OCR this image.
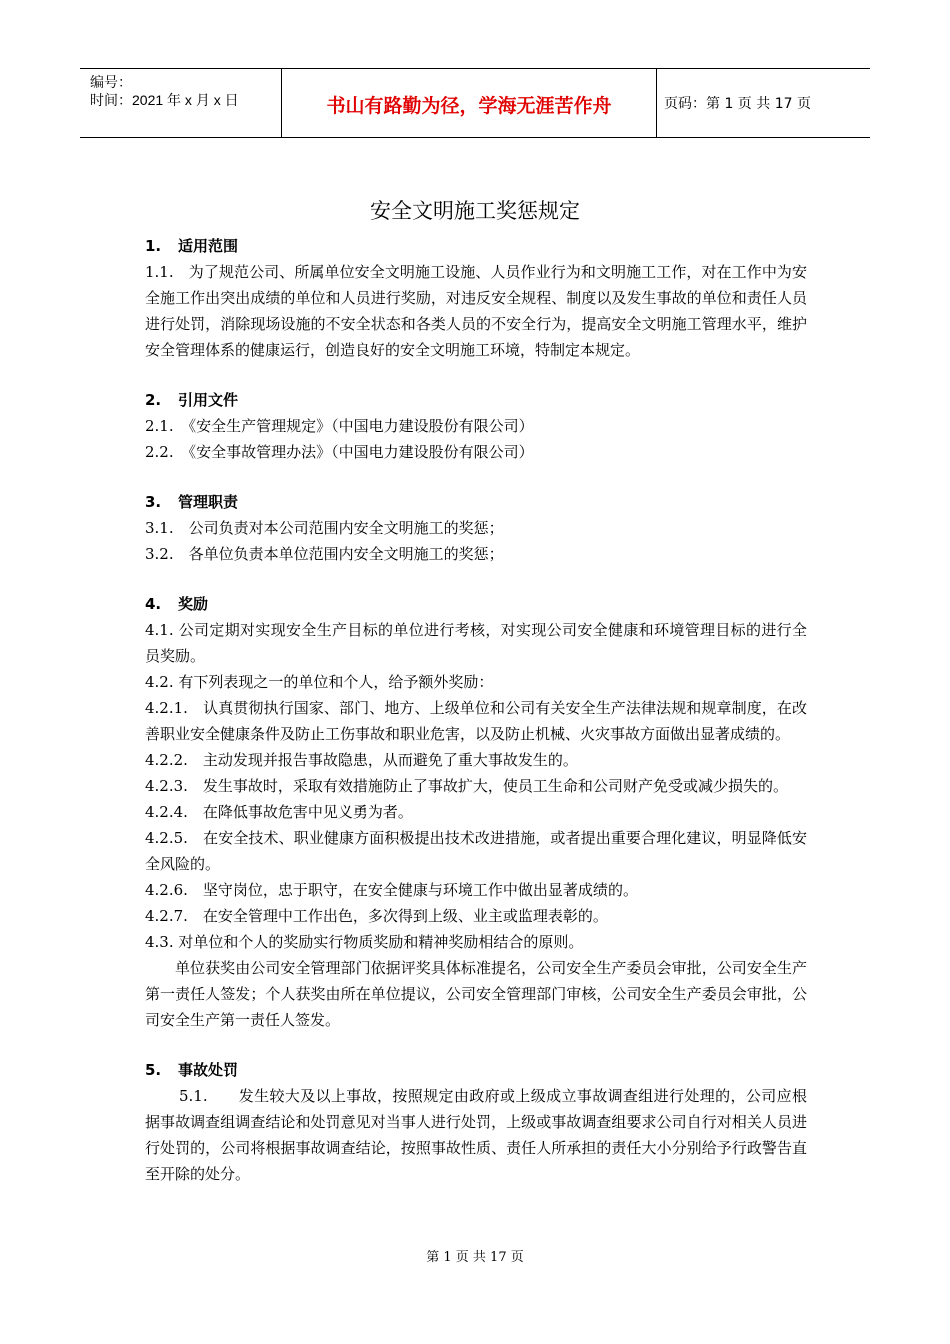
编号：
时间：2021 年 x 月 x 日	书山有路勤为径，学海无涯苦作舟	页码：第 1 页 共 17 页
安全文明施工奖惩规定

1. 适用范围

1.1.　为了规范公司、所属单位安全文明施工设施、人员作业行为和文明施工工作，对在工作中为安全施工作出突出成绩的单位和人员进行奖励，对违反安全规程、制度以及发生事故的单位和责任人员进行处罚，消除现场设施的不安全状态和各类人员的不安全行为，提高安全文明施工管理水平，维护安全管理体系的健康运行，创造良好的安全文明施工环境，特制定本规定。

2. 引用文件

2.1.　《安全生产管理规定》（中国电力建设股份有限公司）

2.2.　《安全事故管理办法》（中国电力建设股份有限公司）

3. 管理职责

3.1.　公司负责对本公司范围内安全文明施工的奖惩；

3.2.　各单位负责本单位范围内安全文明施工的奖惩；

4. 奖励

4.1. 公司定期对实现安全生产目标的单位进行考核，对实现公司安全健康和环境管理目标的进行全员奖励。

4.2. 有下列表现之一的单位和个人，给予额外奖励：

4.2.1.　认真贯彻执行国家、部门、地方、上级单位和公司有关安全生产法律法规和规章制度，在改善职业安全健康条件及防止工伤事故和职业危害，以及防止机械、火灾事故方面做出显著成绩的。

4.2.2.　主动发现并报告事故隐患，从而避免了重大事故发生的。

4.2.3.　发生事故时，采取有效措施防止了事故扩大，使员工生命和公司财产免受或减少损失的。

4.2.4.　在降低事故危害中见义勇为者。

4.2.5.　在安全技术、职业健康方面积极提出技术改进措施，或者提出重要合理化建议，明显降低安全风险的。

4.2.6.　坚守岗位，忠于职守，在安全健康与环境工作中做出显著成绩的。

4.2.7.　在安全管理中工作出色，多次得到上级、业主或监理表彰的。

4.3. 对单位和个人的奖励实行物质奖励和精神奖励相结合的原则。

单位获奖由公司安全管理部门依据评奖具体标准提名，公司安全生产委员会审批，公司安全生产第一责任人签发；个人获奖由所在单位提议，公司安全管理部门审核，公司安全生产委员会审批，公司安全生产第一责任人签发。

5. 事故处罚

5.1.　　发生较大及以上事故，按照规定由政府或上级成立事故调查组进行处理的，公司应根据事故调查组调查结论和处罚意见对当事人进行处罚，上级或事故调查组要求公司自行对相关人员进行处罚的，公司将根据事故调查结论，按照事故性质、责任人所承担的责任大小分别给予行政警告直至开除的处分。

第 1 页 共 17 页
